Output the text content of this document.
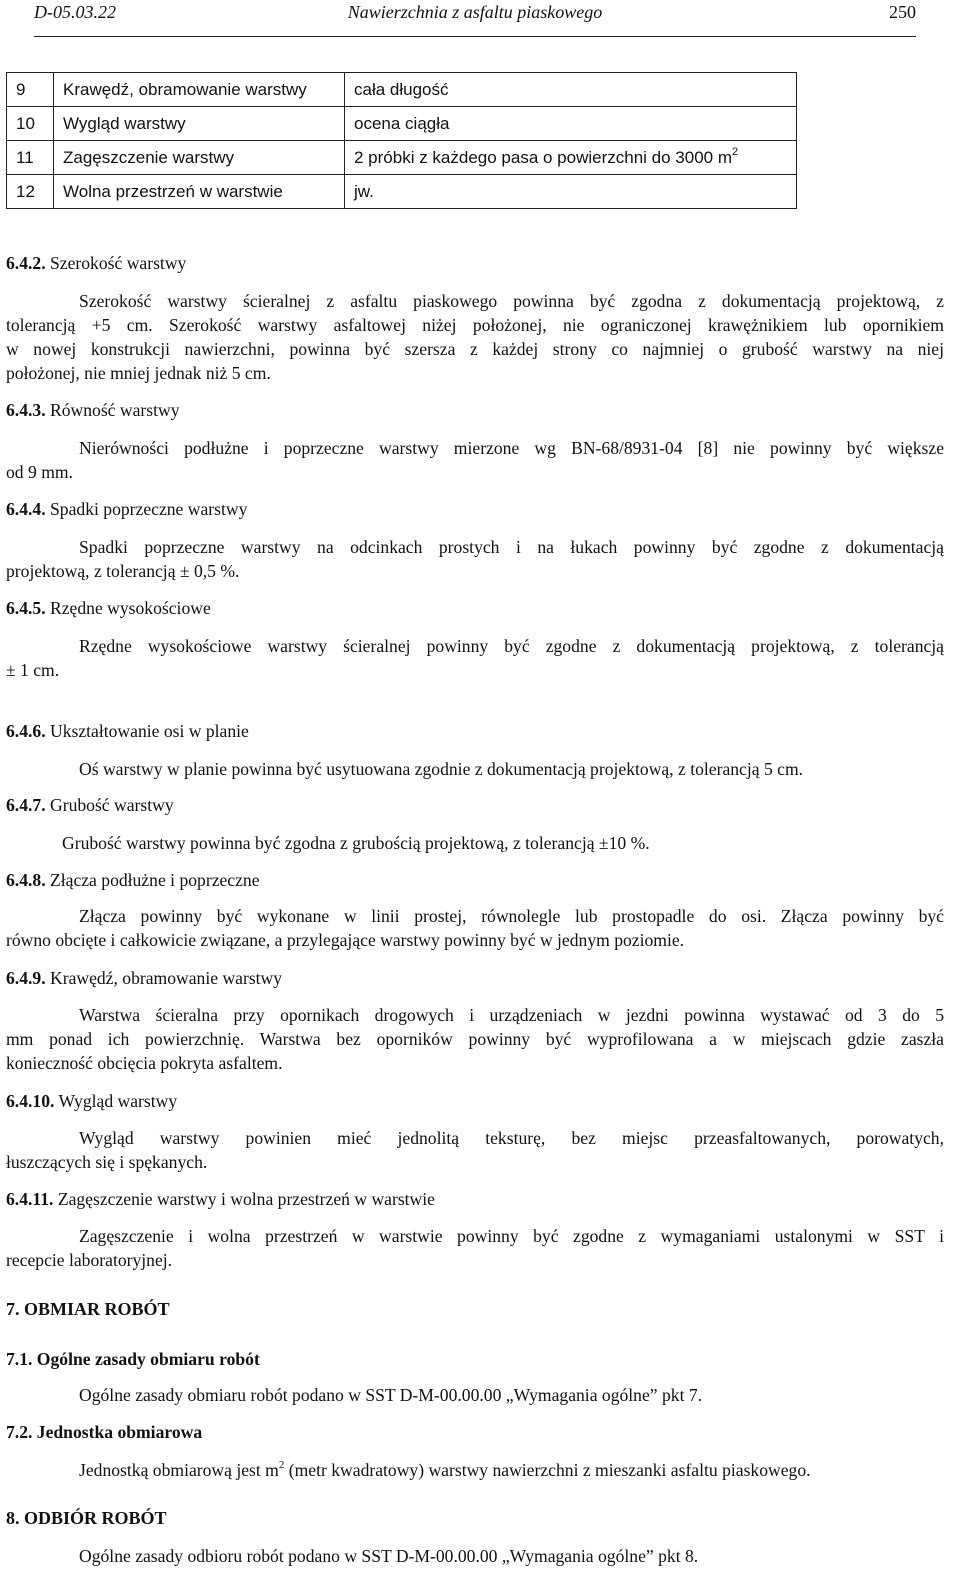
D-05.03.22	Nawierzchnia z asfaltu piaskowego	250
9	Krawędź, obramowanie warstwy	cała długość
10	Wygląd warstwy	ocena ciągła
11	Zagęszczenie warstwy	2 próbki z każdego pasa o powierzchni do 3000 $m^2$
12	Wolna przestrzeń w warstwie	jw.
6.4.2. Szerokość warstwy
Szerokość warstwy ścieralnej z asfaltu piaskowego powinna być zgodna z dokumentacją projektową, z
tolerancją +5 cm. Szerokość warstwy asfaltowej niżej położonej, nie ograniczonej krawężnikiem lub opornikiem
w nowej konstrukcji nawierzchni, powinna być szersza z każdej strony co najmniej o grubość warstwy na niej
położonej, nie mniej jednak niż 5 cm.
6.4.3. Równość warstwy
Nierówności podłużne i poprzeczne warstwy mierzone wg BN-68/8931-04 [8] nie powinny być większe
od 9 mm.
6.4.4. Spadki poprzeczne warstwy
Spadki poprzeczne warstwy na odcinkach prostych i na łukach powinny być zgodne z dokumentacją
projektową, z tolerancją ± 0,5 %.
6.4.5. Rzędne wysokościowe
Rzędne wysokościowe warstwy ścieralnej powinny być zgodne z dokumentacją projektową, z tolerancją
± 1 cm.
6.4.6. Ukształtowanie osi w planie
Oś warstwy w planie powinna być usytuowana zgodnie z dokumentacją projektową, z tolerancją 5 cm.
6.4.7. Grubość warstwy
Grubość warstwy powinna być zgodna z grubością projektową, z tolerancją ±10 %.
6.4.8. Złącza podłużne i poprzeczne
Złącza powinny być wykonane w linii prostej, równolegle lub prostopadle do osi. Złącza powinny być
równo obcięte i całkowicie związane, a przylegające warstwy powinny być w jednym poziomie.
6.4.9. Krawędź, obramowanie warstwy
Warstwa ścieralna przy opornikach drogowych i urządzeniach w jezdni powinna wystawać od 3 do 5
mm ponad ich powierzchnię. Warstwa bez oporników powinny być wyprofilowana a w miejscach gdzie zaszła
konieczność obcięcia pokryta asfaltem.
6.4.10. Wygląd warstwy
Wygląd warstwy powinien mieć jednolitą teksturę, bez miejsc przeasfaltowanych, porowatych,
łuszczących się i spękanych.
6.4.11. Zagęszczenie warstwy i wolna przestrzeń w warstwie
Zagęszczenie i wolna przestrzeń w warstwie powinny być zgodne z wymaganiami ustalonymi w SST i
recepcie laboratoryjnej.
7. OBMIAR ROBÓT
7.1. Ogólne zasady obmiaru robót
Ogólne zasady obmiaru robót podano w SST D-M-00.00.00 „Wymagania ogólne” pkt 7.
7.2. Jednostka obmiarowa
Jednostką obmiarową jest $m^2$ (metr kwadratowy) warstwy nawierzchni z mieszanki asfaltu piaskowego.
8. ODBIÓR ROBÓT
Ogólne zasady odbioru robót podano w SST D-M-00.00.00 „Wymagania ogólne” pkt 8.
